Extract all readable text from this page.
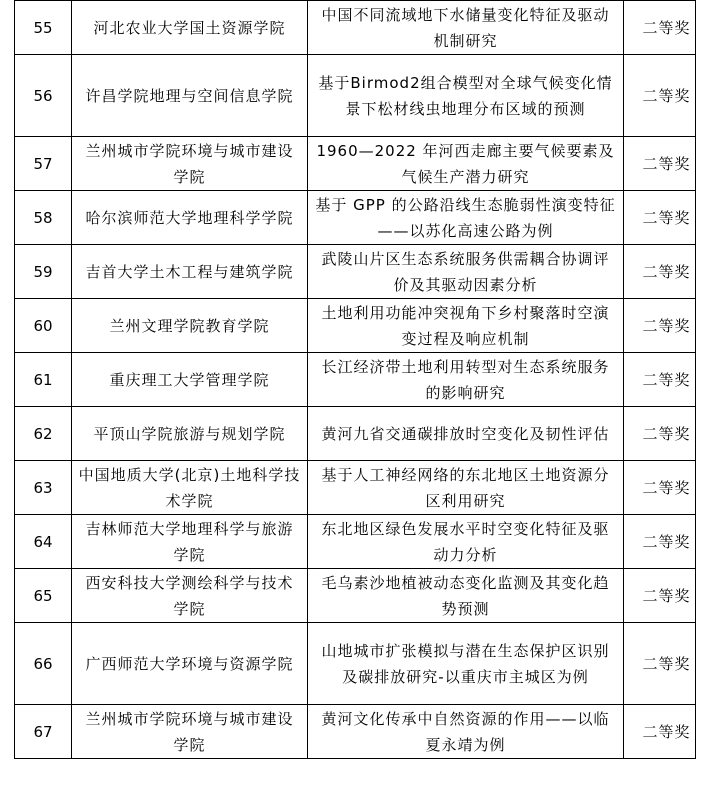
55	河北农业大学国土资源学院	中国不同流域地下水储量变化特征及驱动机制研究	二等奖
56	许昌学院地理与空间信息学院	基于Birmod2组合模型对全球气候变化情景下松材线虫地理分布区域的预测	二等奖
57	兰州城市学院环境与城市建设学院	1960—2022 年河西走廊主要气候要素及气候生产潜力研究	二等奖
58	哈尔滨师范大学地理科学学院	基于 GPP 的公路沿线生态脆弱性演变特征——以苏化高速公路为例	二等奖
59	吉首大学土木工程与建筑学院	武陵山片区生态系统服务供需耦合协调评价及其驱动因素分析	二等奖
60	兰州文理学院教育学院	土地利用功能冲突视角下乡村聚落时空演变过程及响应机制	二等奖
61	重庆理工大学管理学院	长江经济带土地利用转型对生态系统服务的影响研究	二等奖
62	平顶山学院旅游与规划学院	黄河九省交通碳排放时空变化及韧性评估	二等奖
63	中国地质大学(北京)土地科学技术学院	基于人工神经网络的东北地区土地资源分区利用研究	二等奖
64	吉林师范大学地理科学与旅游学院	东北地区绿色发展水平时空变化特征及驱动力分析	二等奖
65	西安科技大学测绘科学与技术学院	毛乌素沙地植被动态变化监测及其变化趋势预测	二等奖
66	广西师范大学环境与资源学院	山地城市扩张模拟与潜在生态保护区识别及碳排放研究-以重庆市主城区为例	二等奖
67	兰州城市学院环境与城市建设学院	黄河文化传承中自然资源的作用——以临夏永靖为例	二等奖
